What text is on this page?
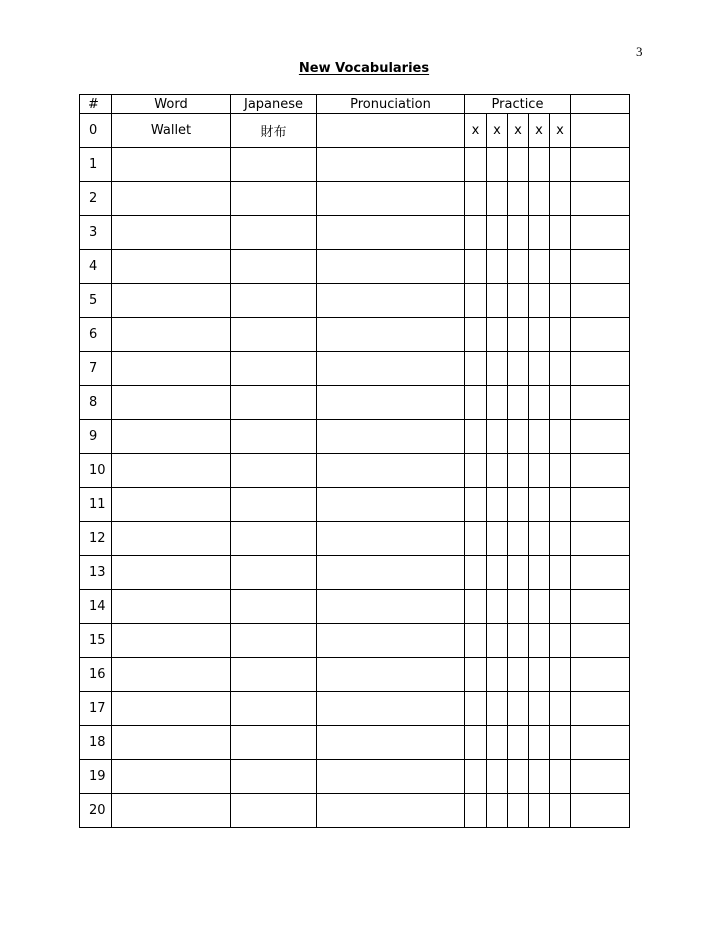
3
New Vocabularies
#	Word	Japanese	Pronuciation	Practice					
0	Wallet	財布		x	x	x	x	x	
1									
2									
3									
4									
5									
6									
7									
8									
9									
10									
11									
12									
13									
14									
15									
16									
17									
18									
19									
20									
